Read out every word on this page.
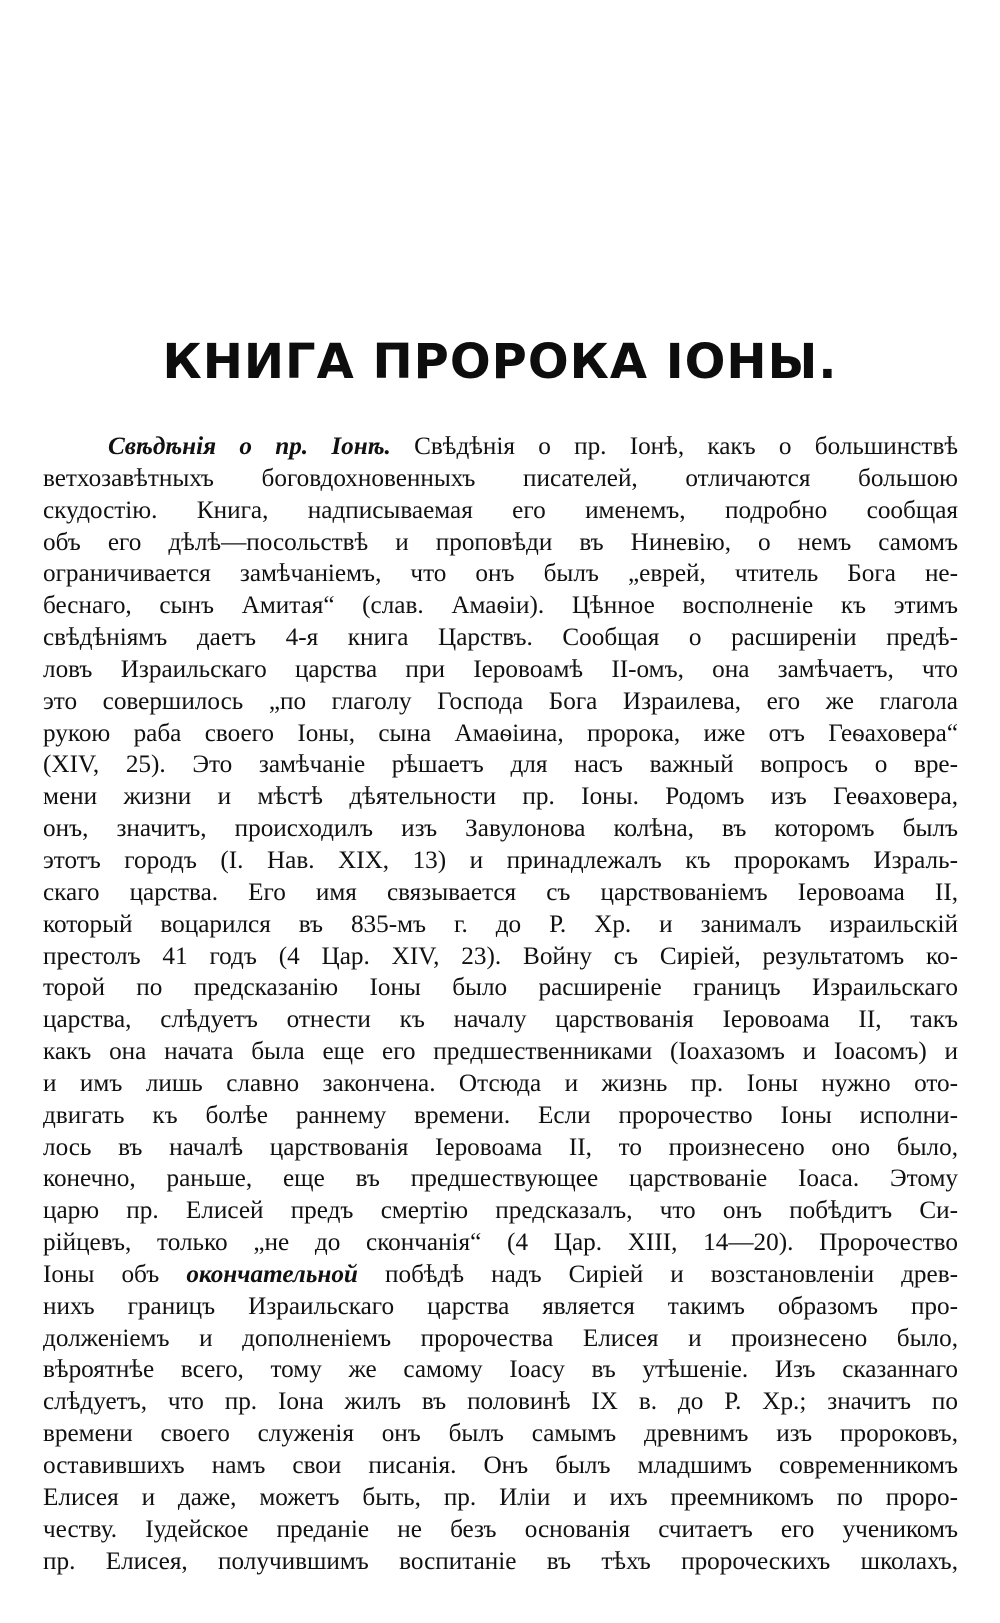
КНИГА ПРОРОКА ІОНЫ.
Свѣдѣнія о пр. Іонѣ. Свѣдѣнія о пр. Іонѣ, какъ о большинствѣ
ветхозавѣтныхъ боговдохновенныхъ писателей, отличаются большою
скудостію. Книга, надписываемая его именемъ, подробно сообщая
объ его дѣлѣ—посольствѣ и проповѣди въ Ниневію, о немъ самомъ
ограничивается замѣчаніемъ, что онъ былъ „еврей, чтитель Бога не-
беснаго, сынъ Амитая“ (слав. Амаѳіи). Цѣнное восполненіе къ этимъ
свѣдѣніямъ даетъ 4-я книга Царствъ. Сообщая о расширеніи предѣ-
ловъ Израильскаго царства при Іеровоамѣ II-омъ, она замѣчаетъ, что
это совершилось „по глаголу Господа Бога Израилева, его же глагола
рукою раба своего Іоны, сына Амаѳіина, пророка, иже отъ Геѳаховера“
(XIV, 25). Это замѣчаніе рѣшаетъ для насъ важный вопросъ о вре-
мени жизни и мѣстѣ дѣятельности пр. Іоны. Родомъ изъ Геѳаховера,
онъ, значитъ, происходилъ изъ Завулонова колѣна, въ которомъ былъ
этотъ городъ (І. Нав. XIX, 13) и принадлежалъ къ пророкамъ Израль-
скаго царства. Его имя связывается съ царствованіемъ Іеровоама II,
который воцарился въ 835-мъ г. до Р. Хр. и занималъ израильскій
престолъ 41 годъ (4 Цар. XIV, 23). Войну съ Сиріей, результатомъ ко-
торой по предсказанію Іоны было расширеніе границъ Израильскаго
царства, слѣдуетъ отнести къ началу царствованія Іеровоама II, такъ
какъ она начата была еще его предшественниками (Іоахазомъ и Іоасомъ) и
и имъ лишь славно закончена. Отсюда и жизнь пр. Іоны нужно ото-
двигать къ болѣе раннему времени. Если пророчество Іоны исполни-
лось въ началѣ царствованія Іеровоама II, то произнесено оно было,
конечно, раньше, еще въ предшествующее царствованіе Іоаса. Этому
царю пр. Елисей предъ смертію предсказалъ, что онъ побѣдитъ Си-
рійцевъ, только „не до скончанія“ (4 Цар. XIII, 14—20). Пророчество
Іоны объ окончательной побѣдѣ надъ Сиріей и возстановленіи древ-
нихъ границъ Израильскаго царства является такимъ образомъ про-
долженіемъ и дополненіемъ пророчества Елисея и произнесено было,
вѣроятнѣе всего, тому же самому Іоасу въ утѣшеніе. Изъ сказаннаго
слѣдуетъ, что пр. Іона жилъ въ половинѣ IX в. до Р. Хр.; значитъ по
времени своего служенія онъ былъ самымъ древнимъ изъ пророковъ,
оставившихъ намъ свои писанія. Онъ былъ младшимъ современникомъ
Елисея и даже, можетъ быть, пр. Иліи и ихъ преемникомъ по проро-
честву. Іудейское преданіе не безъ основанія считаетъ его ученикомъ
пр. Елисея, получившимъ воспитаніе въ тѣхъ пророческихъ школахъ,
